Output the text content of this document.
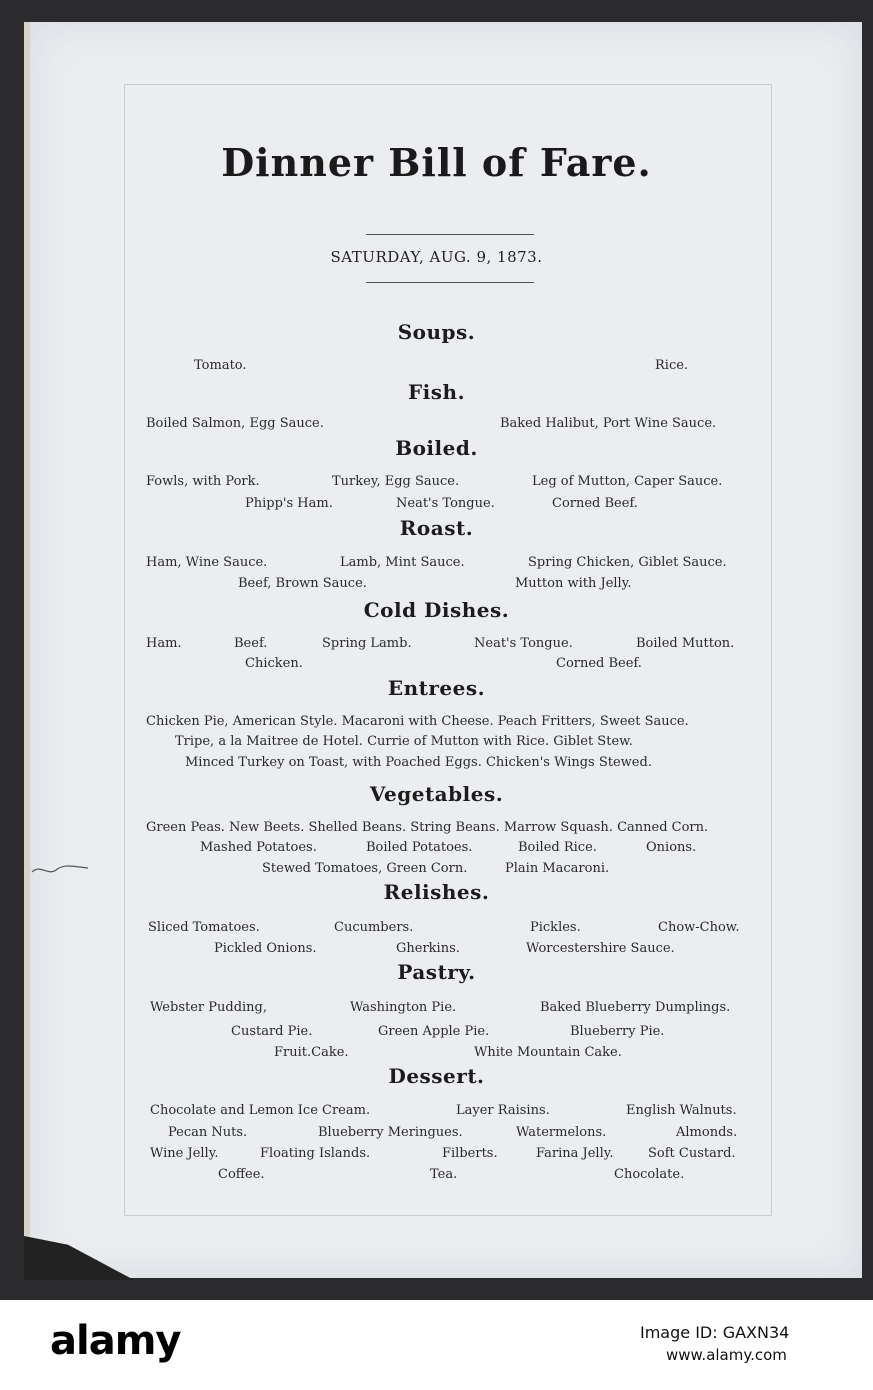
Dinner Bill of Fare.
SATURDAY, AUG. 9, 1873.
Soups.
Tomato.	Rice.
Fish.
Boiled Salmon, Egg Sauce.	Baked Halibut, Port Wine Sauce.
Boiled.
Fowls, with Pork.	Turkey, Egg Sauce.	Leg of Mutton, Caper Sauce.
Phipp's Ham.	Neat's Tongue.	Corned Beef.
Roast.
Ham, Wine Sauce.	Lamb, Mint Sauce.	Spring Chicken, Giblet Sauce.
Beef, Brown Sauce.	Mutton with Jelly.
Cold Dishes.
Ham.	Beef.	Spring Lamb.	Neat's Tongue.	Boiled Mutton.
Chicken.	Corned Beef.
Entrees.
Chicken Pie, American Style. Macaroni with Cheese. Peach Fritters, Sweet Sauce.
Tripe, a la Maitree de Hotel. Currie of Mutton with Rice. Giblet Stew.
Minced Turkey on Toast, with Poached Eggs. Chicken's Wings Stewed.
Vegetables.
Green Peas. New Beets. Shelled Beans. String Beans. Marrow Squash. Canned Corn.
Mashed Potatoes.	Boiled Potatoes.	Boiled Rice.	Onions.
Stewed Tomatoes, Green Corn.	Plain Macaroni.
Relishes.
Sliced Tomatoes.	Cucumbers.	Pickles.	Chow-Chow.
Pickled Onions.	Gherkins.	Worcestershire Sauce.
Pastry.
Webster Pudding,	Washington Pie.	Baked Blueberry Dumplings.
Custard Pie.	Green Apple Pie.	Blueberry Pie.
Fruit.Cake.	White Mountain Cake.
Dessert.
Chocolate and Lemon Ice Cream.	Layer Raisins.	English Walnuts.
Pecan Nuts.	Blueberry Meringues.	Watermelons.	Almonds.
Wine Jelly.	Floating Islands.	Filberts.	Farina Jelly.	Soft Custard.
Coffee.	Tea.	Chocolate.
alamy	Image ID: GAXN34
www.alamy.com
